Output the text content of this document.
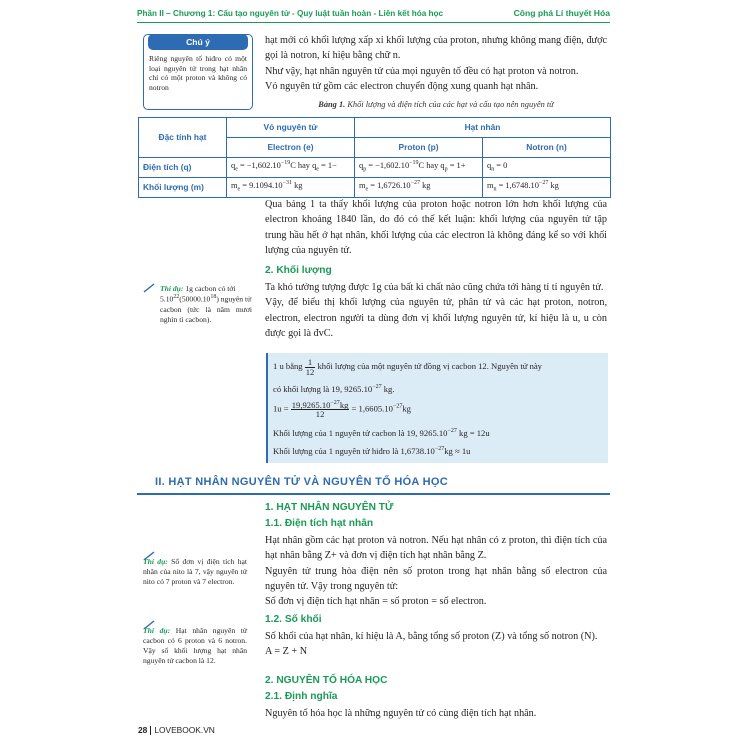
Phần II – Chương 1: Cấu tạo nguyên tử - Quy luật tuần hoàn - Liên kết hóa học	Công phá Lí thuyết Hóa
Chú ý
Riêng nguyên tố hiđro có một loại nguyên tử trong hạt nhân chỉ có một proton và không có notron

hạt mới có khối lượng xấp xỉ khối lượng của proton, nhưng không mang điện, được gọi là notron, kí hiệu bằng chữ n.

Như vậy, hạt nhân nguyên tử của mọi nguyên tố đều có hạt proton và notron.

Vỏ nguyên tử gồm các electron chuyển động xung quanh hạt nhân.

Bảng 1. Khối lượng và điện tích của các hạt và cấu tạo nên nguyên tử
Đặc tính hạt	Vỏ nguyên tử	Hạt nhân	
	Electron (e)	Proton (p)	Notron (n)
Điện tích (q)	$q_e = -1,602.10^{-19}C$ hay $q_e = 1-$	$q_p = -1,602.10^{-19}C$ hay $q_p = 1+$	$q_n = 0$
Khối lượng (m)	$m_e = 9.1094.10^{-31}$ kg	$m_e = 1,6726.10^{-27}$ kg	$m_n = 1,6748.10^{-27}$ kg
Qua bảng 1 ta thấy khối lượng của proton hoặc notron lớn hơn khối lượng của electron khoảng 1840 lần, do đó có thể kết luận: khối lượng của nguyên tử tập trung hầu hết ở hạt nhân, khối lượng của các electron là không đáng kể so với khối lượng của nguyên tử.
2. Khối lượng

Ta khó tưởng tượng được 1g của bất kì chất nào cũng chứa tới hàng tỉ tỉ nguyên tử.

Vậy, để biểu thị khối lượng của nguyên tử, phân tử và các hạt proton, notron, electron, electron người ta dùng đơn vị khối lượng nguyên tử, kí hiệu là u, u còn được gọi là đvC.

Thí dụ: 1g cacbon có tới
5.10$^{22}$(50000.10$^{18}$) nguyên tử
cacbon (tức là năm mươi nghìn tỉ cacbon).
1 u bằng $\frac{1}{12}$ khối lượng của một nguyên tử đồng vị cacbon 12. Nguyên tử này
có khối lượng là 19, $9265.10^{-27}$ kg.
$1u = \frac{19,9265.10^{-27}kg}{12} = 1,6605.10^{-27}kg$
Khối lượng của 1 nguyên tử cacbon là 19, $9265.10^{-27}$ kg = 12u
Khối lượng của 1 nguyên tử hiđro là $1,6738.10^{-27}kg \approx 1u$
II. HẠT NHÂN NGUYÊN TỬ VÀ NGUYÊN TỐ HÓA HỌC
1. HẠT NHÂN NGUYÊN TỬ
1.1. Điện tích hạt nhân

Hạt nhân gồm các hạt proton và notron. Nếu hạt nhân có z proton, thì điện tích của hạt nhân bằng Z+ và đơn vị điện tích hạt nhân bằng Z.

Nguyên tử trung hòa điện nên số proton trong hạt nhân bằng số electron của nguyên tử. Vậy trong nguyên tử:

Số đơn vị điện tích hạt nhân = số proton = số electron.

1.2. Số khối

Số khối của hạt nhân, kí hiệu là A, bằng tổng số proton (Z) và tổng số notron (N).

A = Z + N

2. NGUYÊN TỐ HÓA HỌC
2.1. Định nghĩa
Nguyên tố hóa học là những nguyên tử có cùng điện tích hạt nhân.
Thí dụ: Số đơn vị điện tích hạt nhân của nito là 7, vậy nguyên tử nito có 7 proton và 7 electron.
Thí dụ: Hạt nhân nguyên tử cacbon có 6 proton và 6 notron. Vậy số khối lượng hạt nhân nguyên tử cacbon là 12.
28 LOVEBOOK.VN
